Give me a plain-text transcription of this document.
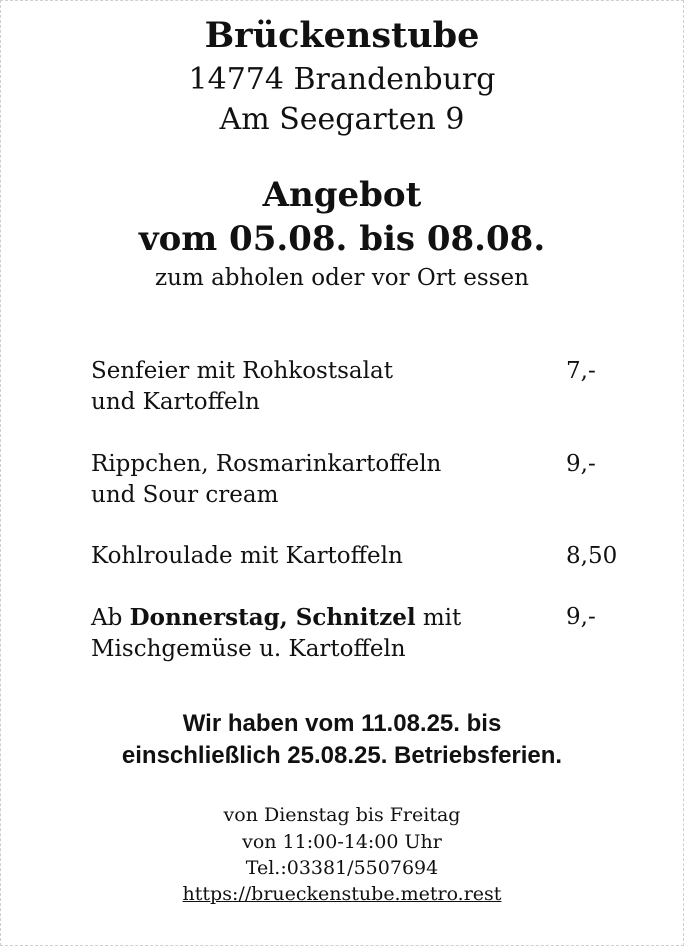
Brückenstube
14774 Brandenburg
Am Seegarten 9
Angebot
vom 05.08. bis 08.08.
zum abholen oder vor Ort essen
Senfeier mit Rohkostsalat
und Kartoffeln
7,-
Rippchen, Rosmarinkartoffeln
und Sour cream
9,-
Kohlroulade mit Kartoffeln	8,50
Ab Donnerstag, Schnitzel mit
Mischgemüse u. Kartoffeln
9,-
Wir haben vom 11.08.25. bis
einschließlich 25.08.25. Betriebsferien.
von Dienstag bis Freitag
von 11:00-14:00 Uhr
Tel.:03381/5507694
https://brueckenstube.metro.rest
